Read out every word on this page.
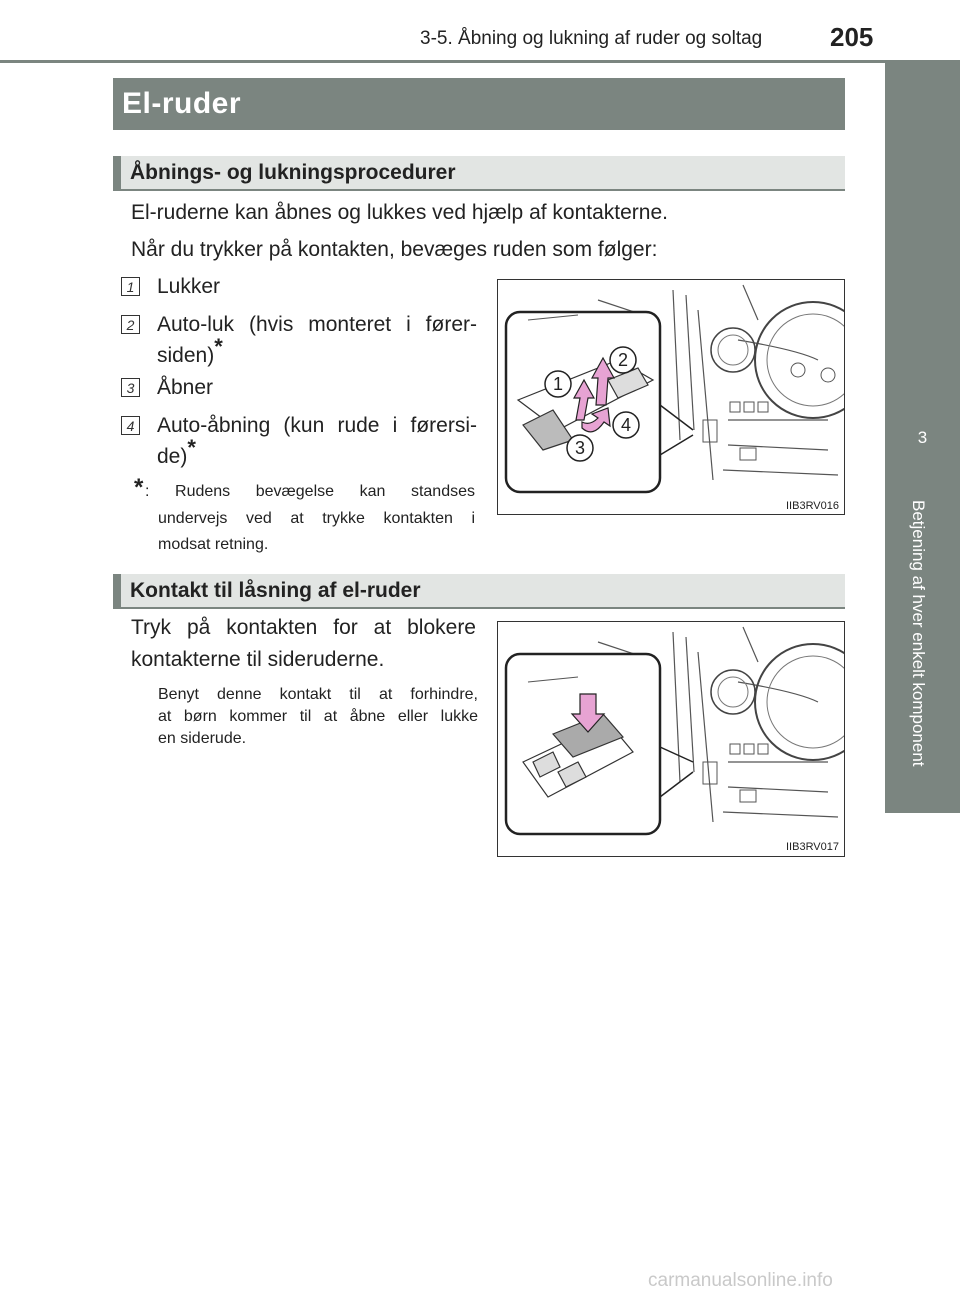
3-5. Åbning og lukning af ruder og soltag	205
3
Betjening af hver enkelt komponent
El-ruder
Åbnings- og lukningsprocedurer
El-ruderne kan åbnes og lukkes ved hjælp af kontakterne.
Når du trykker på kontakten, bevæges ruden som følger:
1 Lukker
2 Auto-luk (hvis monteret i fører-
siden)*
3 Åbner
4 Auto-åbning (kun rude i førersi-
de)*
* : Rudens bevægelse kan standses
undervejs ved at trykke kontakten i
modsat retning.
1
2
3
4
IIB3RV016
Kontakt til låsning af el-ruder
Tryk på kontakten for at blokere
kontakterne til sideruderne.
Benyt denne kontakt til at forhindre,
at børn kommer til at åbne eller lukke
en siderude.
IIB3RV017
carmanualsonline.info
